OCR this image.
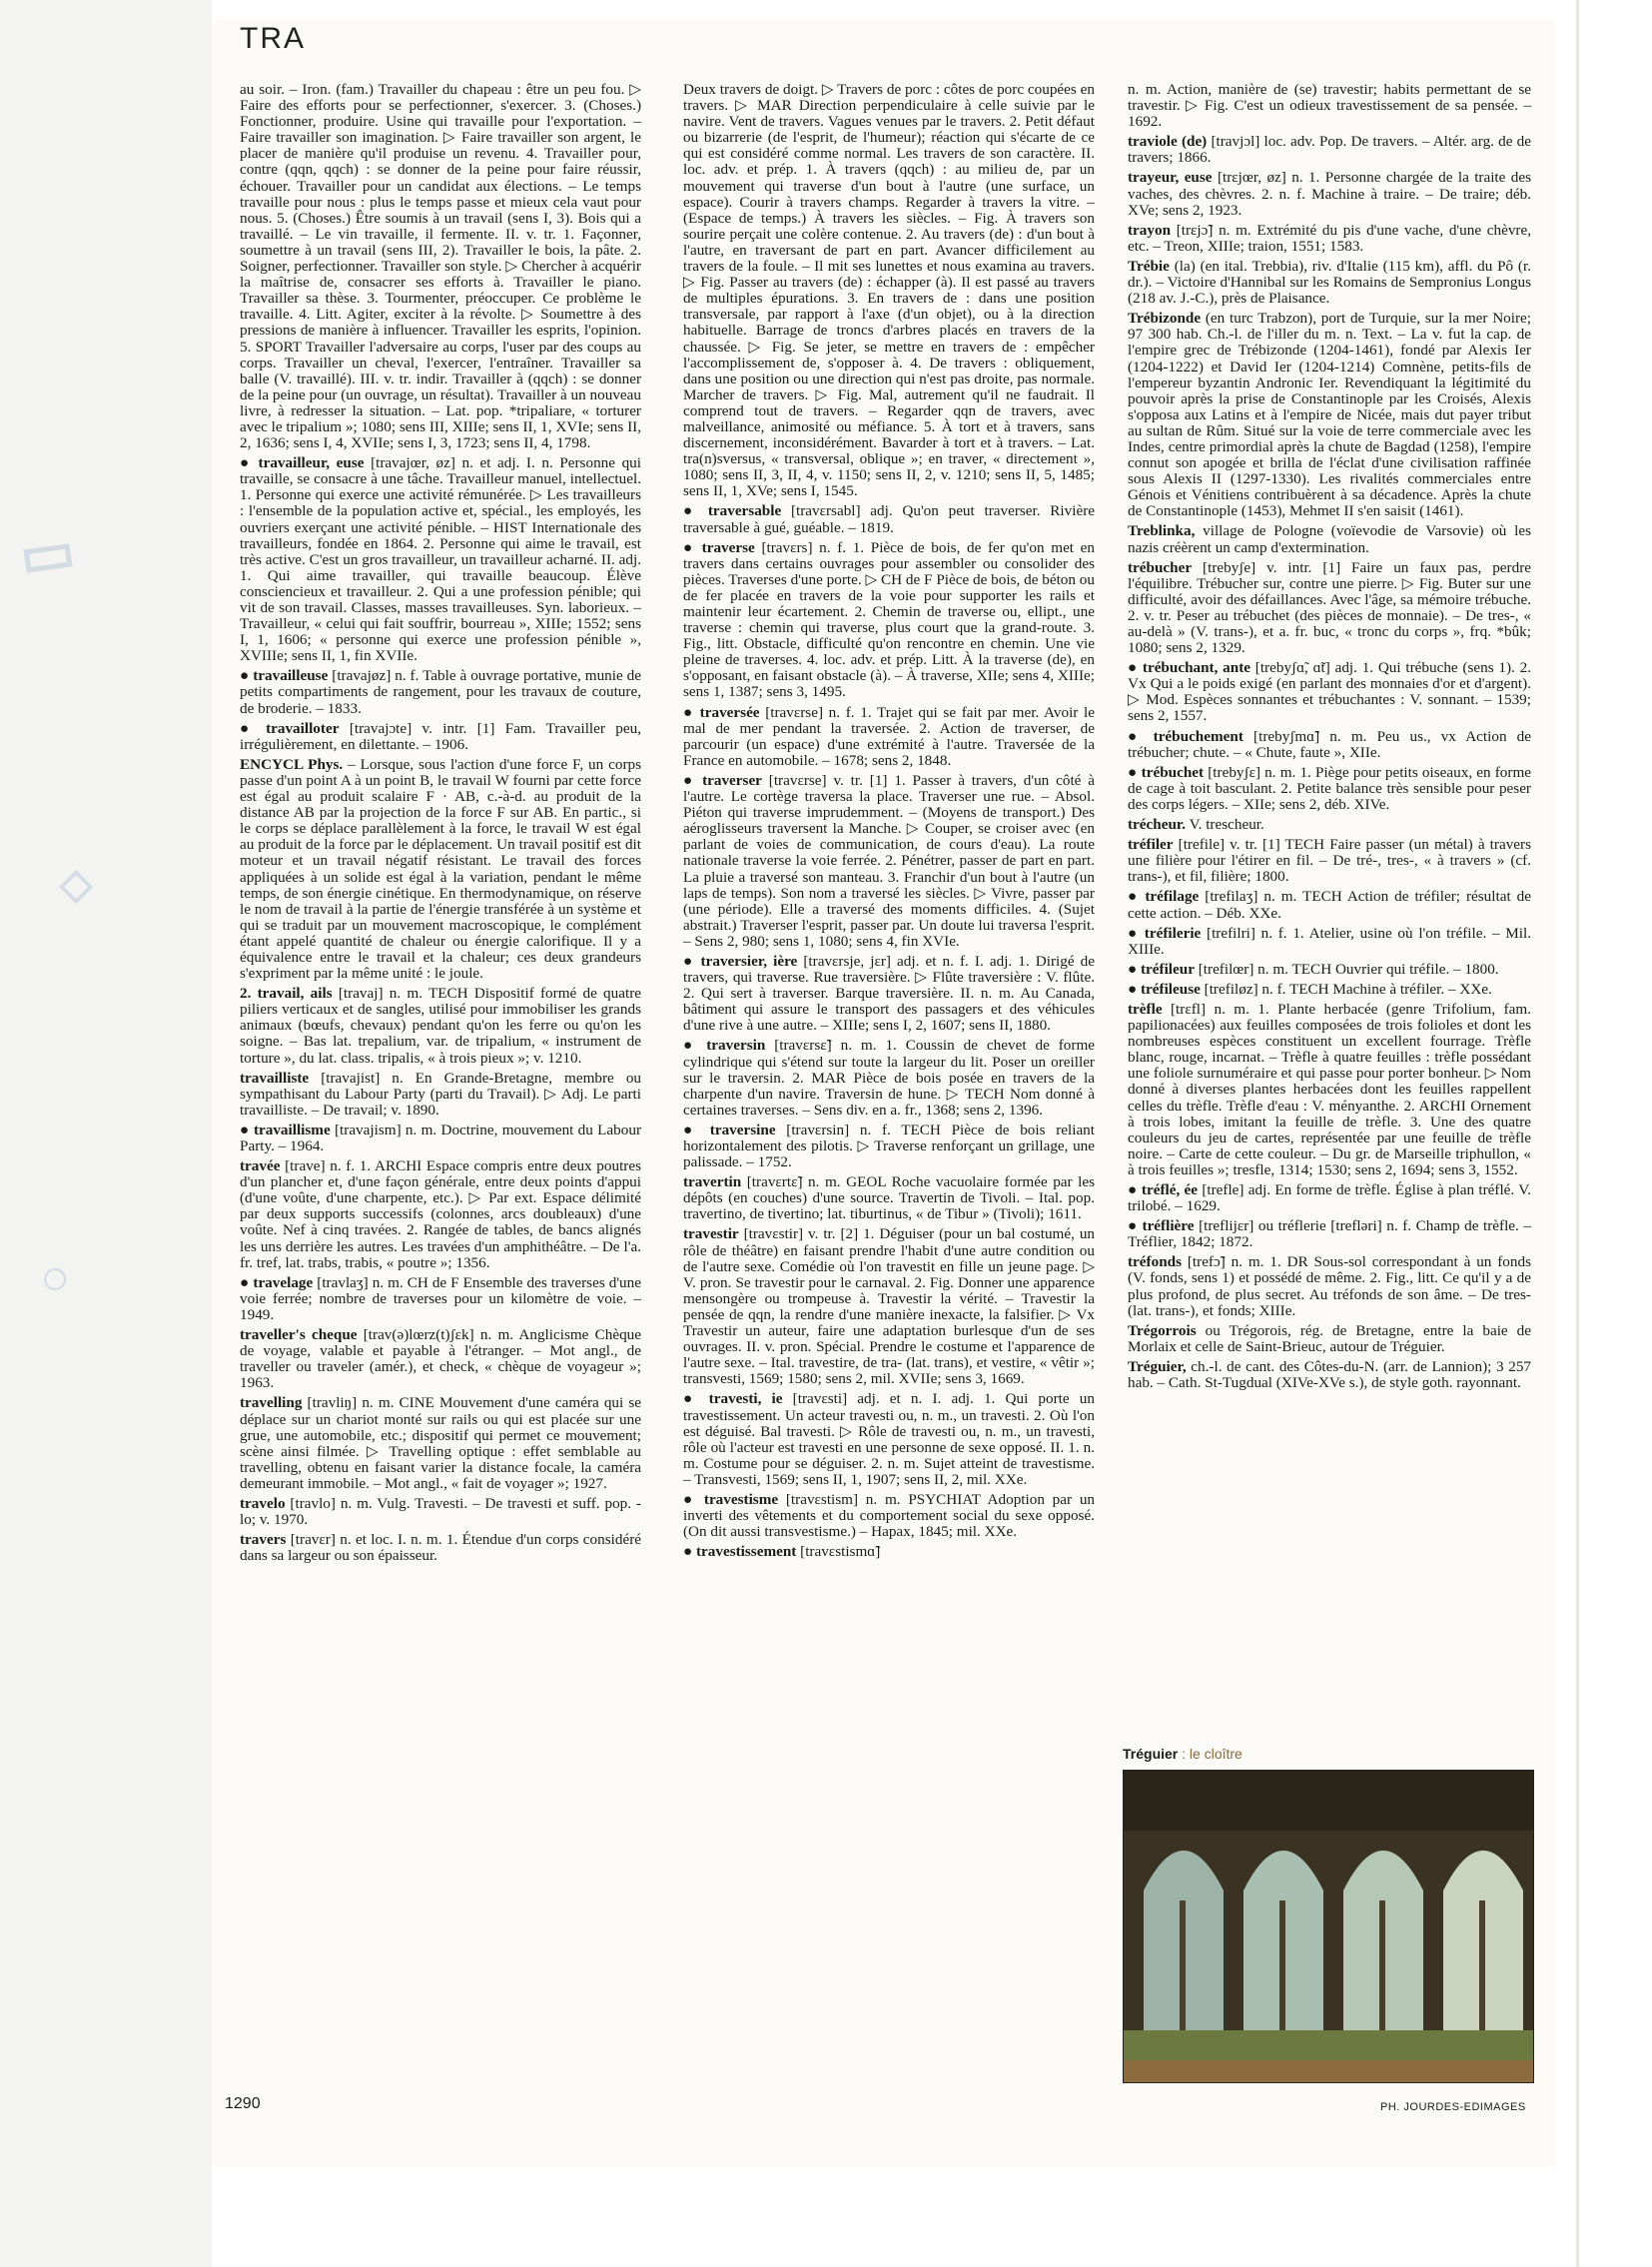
▭
◇
○
TRA

au soir. – Iron. (fam.) Travailler du chapeau : être un peu fou. ▷ Faire des efforts pour se perfectionner, s'exercer. 3. (Choses.) Fonctionner, produire. Usine qui travaille pour l'exportation. – Faire travailler son imagination. ▷ Faire travailler son argent, le placer de manière qu'il produise un revenu. 4. Travailler pour, contre (qqn, qqch) : se donner de la peine pour faire réussir, échouer. Travailler pour un candidat aux élections. – Le temps travaille pour nous : plus le temps passe et mieux cela vaut pour nous. 5. (Choses.) Être soumis à un travail (sens I, 3). Bois qui a travaillé. – Le vin travaille, il fermente. II. v. tr. 1. Façonner, soumettre à un travail (sens III, 2). Travailler le bois, la pâte. 2. Soigner, perfectionner. Travailler son style. ▷ Chercher à acquérir la maîtrise de, consacrer ses efforts à. Travailler le piano. Travailler sa thèse. 3. Tourmenter, préoccuper. Ce problème le travaille. 4. Litt. Agiter, exciter à la révolte. ▷ Soumettre à des pressions de manière à influencer. Travailler les esprits, l'opinion. 5. SPORT Travailler l'adversaire au corps, l'user par des coups au corps. Travailler un cheval, l'exercer, l'entraîner. Travailler sa balle (V. travaillé). III. v. tr. indir. Travailler à (qqch) : se donner de la peine pour (un ouvrage, un résultat). Travailler à un nouveau livre, à redresser la situation. – Lat. pop. *tripaliare, « torturer avec le tripalium »; 1080; sens III, XIIIe; sens II, 1, XVIe; sens II, 2, 1636; sens I, 4, XVIIe; sens I, 3, 1723; sens II, 4, 1798.

● travailleur, euse [travajœr, øz] n. et adj. I. n. Personne qui travaille, se consacre à une tâche. Travailleur manuel, intellectuel. 1. Personne qui exerce une activité rémunérée. ▷ Les travailleurs : l'ensemble de la population active et, spécial., les employés, les ouvriers exerçant une activité pénible. – HIST Internationale des travailleurs, fondée en 1864. 2. Personne qui aime le travail, est très active. C'est un gros travailleur, un travailleur acharné. II. adj. 1. Qui aime travailler, qui travaille beaucoup. Élève consciencieux et travailleur. 2. Qui a une profession pénible; qui vit de son travail. Classes, masses travailleuses. Syn. laborieux. – Travailleur, « celui qui fait souffrir, bourreau », XIIIe; 1552; sens I, 1, 1606; « personne qui exerce une profession pénible », XVIIIe; sens II, 1, fin XVIIe.

● travailleuse [travajøz] n. f. Table à ouvrage portative, munie de petits compartiments de rangement, pour les travaux de couture, de broderie. – 1833.

● travailloter [travajɔte] v. intr. [1] Fam. Travailler peu, irrégulièrement, en dilettante. – 1906.

ENCYCL Phys. – Lorsque, sous l'action d'une force F, un corps passe d'un point A à un point B, le travail W fourni par cette force est égal au produit scalaire F · AB, c.-à-d. au produit de la distance AB par la projection de la force F sur AB. En partic., si le corps se déplace parallèlement à la force, le travail W est égal au produit de la force par le déplacement. Un travail positif est dit moteur et un travail négatif résistant. Le travail des forces appliquées à un solide est égal à la variation, pendant le même temps, de son énergie cinétique. En thermodynamique, on réserve le nom de travail à la partie de l'énergie transférée à un système et qui se traduit par un mouvement macroscopique, le complément étant appelé quantité de chaleur ou énergie calorifique. Il y a équivalence entre le travail et la chaleur; ces deux grandeurs s'expriment par la même unité : le joule.

2. travail, ails [travaj] n. m. TECH Dispositif formé de quatre piliers verticaux et de sangles, utilisé pour immobiliser les grands animaux (bœufs, chevaux) pendant qu'on les ferre ou qu'on les soigne. – Bas lat. trepalium, var. de tripalium, « instrument de torture », du lat. class. tripalis, « à trois pieux »; v. 1210.

travailliste [travajist] n. En Grande-Bretagne, membre ou sympathisant du Labour Party (parti du Travail). ▷ Adj. Le parti travailliste. – De travail; v. 1890.

● travaillisme [travajism] n. m. Doctrine, mouvement du Labour Party. – 1964.

travée [trave] n. f. 1. ARCHI Espace compris entre deux poutres d'un plancher et, d'une façon générale, entre deux points d'appui (d'une voûte, d'une charpente, etc.). ▷ Par ext. Espace délimité par deux supports successifs (colonnes, arcs doubleaux) d'une voûte. Nef à cinq travées. 2. Rangée de tables, de bancs alignés les uns derrière les autres. Les travées d'un amphithéâtre. – De l'a. fr. tref, lat. trabs, trabis, « poutre »; 1356.

● travelage [travlaʒ] n. m. CH de F Ensemble des traverses d'une voie ferrée; nombre de traverses pour un kilomètre de voie. – 1949.

traveller's cheque [trav(ə)lœrz(t)ʃɛk] n. m. Anglicisme Chèque de voyage, valable et payable à l'étranger. – Mot angl., de traveller ou traveler (amér.), et check, « chèque de voyageur »; 1963.

travelling [travliŋ] n. m. CINE Mouvement d'une caméra qui se déplace sur un chariot monté sur rails ou qui est placée sur une grue, une automobile, etc.; dispositif qui permet ce mouvement; scène ainsi filmée. ▷ Travelling optique : effet semblable au travelling, obtenu en faisant varier la distance focale, la caméra demeurant immobile. – Mot angl., « fait de voyager »; 1927.

travelo [travlo] n. m. Vulg. Travesti. – De travesti et suff. pop. -lo; v. 1970.

travers [travɛr] n. et loc. I. n. m. 1. Étendue d'un corps considéré dans sa largeur ou son épaisseur.

Deux travers de doigt. ▷ Travers de porc : côtes de porc coupées en travers. ▷ MAR Direction perpendiculaire à celle suivie par le navire. Vent de travers. Vagues venues par le travers. 2. Petit défaut ou bizarrerie (de l'esprit, de l'humeur); réaction qui s'écarte de ce qui est considéré comme normal. Les travers de son caractère. II. loc. adv. et prép. 1. À travers (qqch) : au milieu de, par un mouvement qui traverse d'un bout à l'autre (une surface, un espace). Courir à travers champs. Regarder à travers la vitre. – (Espace de temps.) À travers les siècles. – Fig. À travers son sourire perçait une colère contenue. 2. Au travers (de) : d'un bout à l'autre, en traversant de part en part. Avancer difficilement au travers de la foule. – Il mit ses lunettes et nous examina au travers. ▷ Fig. Passer au travers (de) : échapper (à). Il est passé au travers de multiples épurations. 3. En travers de : dans une position transversale, par rapport à l'axe (d'un objet), ou à la direction habituelle. Barrage de troncs d'arbres placés en travers de la chaussée. ▷ Fig. Se jeter, se mettre en travers de : empêcher l'accomplissement de, s'opposer à. 4. De travers : obliquement, dans une position ou une direction qui n'est pas droite, pas normale. Marcher de travers. ▷ Fig. Mal, autrement qu'il ne faudrait. Il comprend tout de travers. – Regarder qqn de travers, avec malveillance, animosité ou méfiance. 5. À tort et à travers, sans discernement, inconsidérément. Bavarder à tort et à travers. – Lat. tra(n)sversus, « transversal, oblique »; en traver, « directement », 1080; sens II, 3, II, 4, v. 1150; sens II, 2, v. 1210; sens II, 5, 1485; sens II, 1, XVe; sens I, 1545.

● traversable [travɛrsabl] adj. Qu'on peut traverser. Rivière traversable à gué, guéable. – 1819.

● traverse [travɛrs] n. f. 1. Pièce de bois, de fer qu'on met en travers dans certains ouvrages pour assembler ou consolider des pièces. Traverses d'une porte. ▷ CH de F Pièce de bois, de béton ou de fer placée en travers de la voie pour supporter les rails et maintenir leur écartement. 2. Chemin de traverse ou, ellipt., une traverse : chemin qui traverse, plus court que la grand-route. 3. Fig., litt. Obstacle, difficulté qu'on rencontre en chemin. Une vie pleine de traverses. 4. loc. adv. et prép. Litt. À la traverse (de), en s'opposant, en faisant obstacle (à). – À traverse, XIIe; sens 4, XIIIe; sens 1, 1387; sens 3, 1495.

● traversée [travɛrse] n. f. 1. Trajet qui se fait par mer. Avoir le mal de mer pendant la traversée. 2. Action de traverser, de parcourir (un espace) d'une extrémité à l'autre. Traversée de la France en automobile. – 1678; sens 2, 1848.

● traverser [travɛrse] v. tr. [1] 1. Passer à travers, d'un côté à l'autre. Le cortège traversa la place. Traverser une rue. – Absol. Piéton qui traverse imprudemment. – (Moyens de transport.) Des aéroglisseurs traversent la Manche. ▷ Couper, se croiser avec (en parlant de voies de communication, de cours d'eau). La route nationale traverse la voie ferrée. 2. Pénétrer, passer de part en part. La pluie a traversé son manteau. 3. Franchir d'un bout à l'autre (un laps de temps). Son nom a traversé les siècles. ▷ Vivre, passer par (une période). Elle a traversé des moments difficiles. 4. (Sujet abstrait.) Traverser l'esprit, passer par. Un doute lui traversa l'esprit. – Sens 2, 980; sens 1, 1080; sens 4, fin XVIe.

● traversier, ière [travɛrsje, jɛr] adj. et n. f. I. adj. 1. Dirigé de travers, qui traverse. Rue traversière. ▷ Flûte traversière : V. flûte. 2. Qui sert à traverser. Barque traversière. II. n. m. Au Canada, bâtiment qui assure le transport des passagers et des véhicules d'une rive à une autre. – XIIIe; sens I, 2, 1607; sens II, 1880.

● traversin [travɛrsɛ̃] n. m. 1. Coussin de chevet de forme cylindrique qui s'étend sur toute la largeur du lit. Poser un oreiller sur le traversin. 2. MAR Pièce de bois posée en travers de la charpente d'un navire. Traversin de hune. ▷ TECH Nom donné à certaines traverses. – Sens div. en a. fr., 1368; sens 2, 1396.

● traversine [travɛrsin] n. f. TECH Pièce de bois reliant horizontalement des pilotis. ▷ Traverse renforçant un grillage, une palissade. – 1752.

travertin [travɛrtɛ̃] n. m. GEOL Roche vacuolaire formée par les dépôts (en couches) d'une source. Travertin de Tivoli. – Ital. pop. travertino, de tivertino; lat. tiburtinus, « de Tibur » (Tivoli); 1611.

travestir [travɛstir] v. tr. [2] 1. Déguiser (pour un bal costumé, un rôle de théâtre) en faisant prendre l'habit d'une autre condition ou de l'autre sexe. Comédie où l'on travestit en fille un jeune page. ▷ V. pron. Se travestir pour le carnaval. 2. Fig. Donner une apparence mensongère ou trompeuse à. Travestir la vérité. – Travestir la pensée de qqn, la rendre d'une manière inexacte, la falsifier. ▷ Vx Travestir un auteur, faire une adaptation burlesque d'un de ses ouvrages. II. v. pron. Spécial. Prendre le costume et l'apparence de l'autre sexe. – Ital. travestire, de tra- (lat. trans), et vestire, « vêtir »; transvesti, 1569; 1580; sens 2, mil. XVIIe; sens 3, 1669.

● travesti, ie [travɛsti] adj. et n. I. adj. 1. Qui porte un travestissement. Un acteur travesti ou, n. m., un travesti. 2. Où l'on est déguisé. Bal travesti. ▷ Rôle de travesti ou, n. m., un travesti, rôle où l'acteur est travesti en une personne de sexe opposé. II. 1. n. m. Costume pour se déguiser. 2. n. m. Sujet atteint de travestisme. – Transvesti, 1569; sens II, 1, 1907; sens II, 2, mil. XXe.

● travestisme [travɛstism] n. m. PSYCHIAT Adoption par un inverti des vêtements et du comportement social du sexe opposé. (On dit aussi transvestisme.) – Hapax, 1845; mil. XXe.

● travestissement [travɛstismɑ̃]

n. m. Action, manière de (se) travestir; habits permettant de se travestir. ▷ Fig. C'est un odieux travestissement de sa pensée. – 1692.

traviole (de) [travjɔl] loc. adv. Pop. De travers. – Altér. arg. de de travers; 1866.

trayeur, euse [trɛjœr, øz] n. 1. Personne chargée de la traite des vaches, des chèvres. 2. n. f. Machine à traire. – De traire; déb. XVe; sens 2, 1923.

trayon [trɛjɔ̃] n. m. Extrémité du pis d'une vache, d'une chèvre, etc. – Treon, XIIIe; traion, 1551; 1583.

Trébie (la) (en ital. Trebbia), riv. d'Italie (115 km), affl. du Pô (r. dr.). – Victoire d'Hannibal sur les Romains de Sempronius Longus (218 av. J.-C.), près de Plaisance.

Trébizonde (en turc Trabzon), port de Turquie, sur la mer Noire; 97 300 hab. Ch.-l. de l'iller du m. n. Text. – La v. fut la cap. de l'empire grec de Trébizonde (1204-1461), fondé par Alexis Ier (1204-1222) et David Ier (1204-1214) Comnène, petits-fils de l'empereur byzantin Andronic Ier. Revendiquant la légitimité du pouvoir après la prise de Constantinople par les Croisés, Alexis s'opposa aux Latins et à l'empire de Nicée, mais dut payer tribut au sultan de Rûm. Situé sur la voie de terre commerciale avec les Indes, centre primordial après la chute de Bagdad (1258), l'empire connut son apogée et brilla de l'éclat d'une civilisation raffinée sous Alexis II (1297-1330). Les rivalités commerciales entre Génois et Vénitiens contribuèrent à sa décadence. Après la chute de Constantinople (1453), Mehmet II s'en saisit (1461).

Treblinka, village de Pologne (voïevodie de Varsovie) où les nazis créèrent un camp d'extermination.

trébucher [trebyʃe] v. intr. [1] Faire un faux pas, perdre l'équilibre. Trébucher sur, contre une pierre. ▷ Fig. Buter sur une difficulté, avoir des défaillances. Avec l'âge, sa mémoire trébuche. 2. v. tr. Peser au trébuchet (des pièces de monnaie). – De tres-, « au-delà » (V. trans-), et a. fr. buc, « tronc du corps », frq. *bûk; 1080; sens 2, 1329.

● trébuchant, ante [trebyʃɑ̃, ɑ̃t] adj. 1. Qui trébuche (sens 1). 2. Vx Qui a le poids exigé (en parlant des monnaies d'or et d'argent). ▷ Mod. Espèces sonnantes et trébuchantes : V. sonnant. – 1539; sens 2, 1557.

● trébuchement [trebyʃmɑ̃] n. m. Peu us., vx Action de trébucher; chute. – « Chute, faute », XIIe.

● trébuchet [trebyʃɛ] n. m. 1. Piège pour petits oiseaux, en forme de cage à toit basculant. 2. Petite balance très sensible pour peser des corps légers. – XIIe; sens 2, déb. XIVe.

trécheur. V. trescheur.

tréfiler [trefile] v. tr. [1] TECH Faire passer (un métal) à travers une filière pour l'étirer en fil. – De tré-, tres-, « à travers » (cf. trans-), et fil, filière; 1800.

● tréfilage [trefilaʒ] n. m. TECH Action de tréfiler; résultat de cette action. – Déb. XXe.

● tréfilerie [trefilri] n. f. 1. Atelier, usine où l'on tréfile. – Mil. XIIIe.

● tréfileur [trefilœr] n. m. TECH Ouvrier qui tréfile. – 1800.

● tréfileuse [trefiløz] n. f. TECH Machine à tréfiler. – XXe.

trèfle [trɛfl] n. m. 1. Plante herbacée (genre Trifolium, fam. papilionacées) aux feuilles composées de trois folioles et dont les nombreuses espèces constituent un excellent fourrage. Trèfle blanc, rouge, incarnat. – Trèfle à quatre feuilles : trèfle possédant une foliole surnuméraire et qui passe pour porter bonheur. ▷ Nom donné à diverses plantes herbacées dont les feuilles rappellent celles du trèfle. Trèfle d'eau : V. ményanthe. 2. ARCHI Ornement à trois lobes, imitant la feuille de trèfle. 3. Une des quatre couleurs du jeu de cartes, représentée par une feuille de trèfle noire. – Carte de cette couleur. – Du gr. de Marseille triphullon, « à trois feuilles »; tresfle, 1314; 1530; sens 2, 1694; sens 3, 1552.

● tréflé, ée [trefle] adj. En forme de trèfle. Église à plan tréflé. V. trilobé. – 1629.

● tréflière [treflijɛr] ou tréflerie [trefləri] n. f. Champ de trèfle. – Tréflier, 1842; 1872.

tréfonds [trefɔ̃] n. m. 1. DR Sous-sol correspondant à un fonds (V. fonds, sens 1) et possédé de même. 2. Fig., litt. Ce qu'il y a de plus profond, de plus secret. Au tréfonds de son âme. – De tres- (lat. trans-), et fonds; XIIIe.

Trégorrois ou Trégorois, rég. de Bretagne, entre la baie de Morlaix et celle de Saint-Brieuc, autour de Tréguier.

Tréguier, ch.-l. de cant. des Côtes-du-N. (arr. de Lannion); 3 257 hab. – Cath. St-Tugdual (XIVe-XVe s.), de style goth. rayonnant.

Tréguier : le cloître
1290	PH. JOURDES-EDIMAGES
